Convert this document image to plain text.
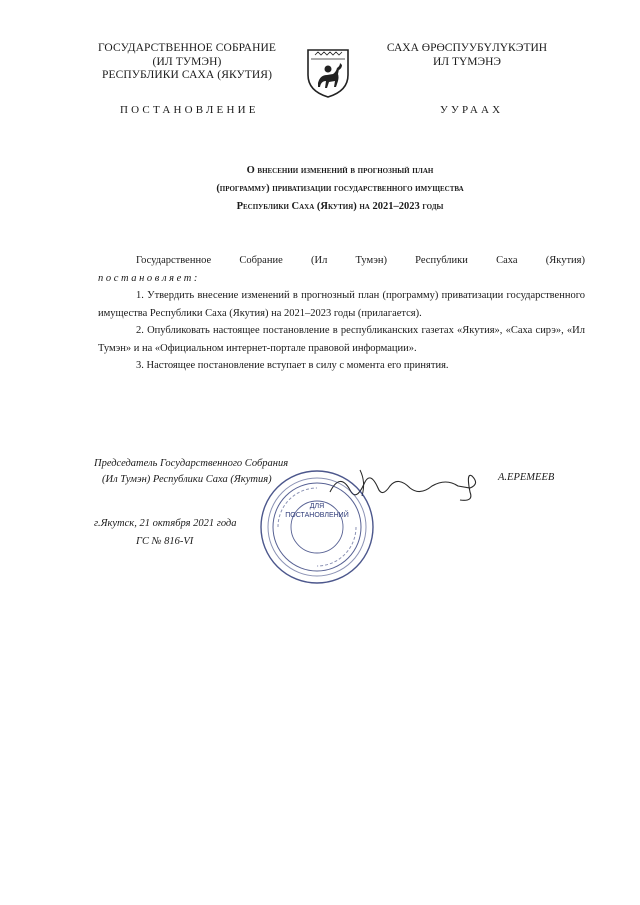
ГОСУДАРСТВЕННОЕ СОБРАНИЕ
(ИЛ ТУМЭН)
РЕСПУБЛИКИ САХА (ЯКУТИЯ)
САХА ӨРӨСПУУБҮЛҮКЭТИН
ИЛ ТҮМЭНЭ
ПОСТАНОВЛЕНИЕ	УУРААХ
О внесении изменений в прогнозный план
(программу) приватизации государственного имущества
Республики Саха (Якутия) на 2021–2023 годы

Государственное Собрание (Ил Тумэн) Республики Саха (Якутия)

постановляет:

1. Утвердить внесение изменений в прогнозный план (программу) приватизации государственного имущества Республики Саха (Якутия) на 2021–2023 годы (прилагается).

2. Опубликовать настоящее постановление в республиканских газетах «Якутия», «Саха сирэ», «Ил Тумэн» и на «Официальном интернет-портале правовой информации».

3. Настоящее постановление вступает в силу с момента его принятия.

Председатель Государственного Собрания
(Ил Тумэн) Республики Саха (Якутия)
ДЛЯ
ПОСТАНОВЛЕНИЙ
А.ЕРЕМЕЕВ
г.Якутск, 21 октября 2021 года
ГС № 816-VI
